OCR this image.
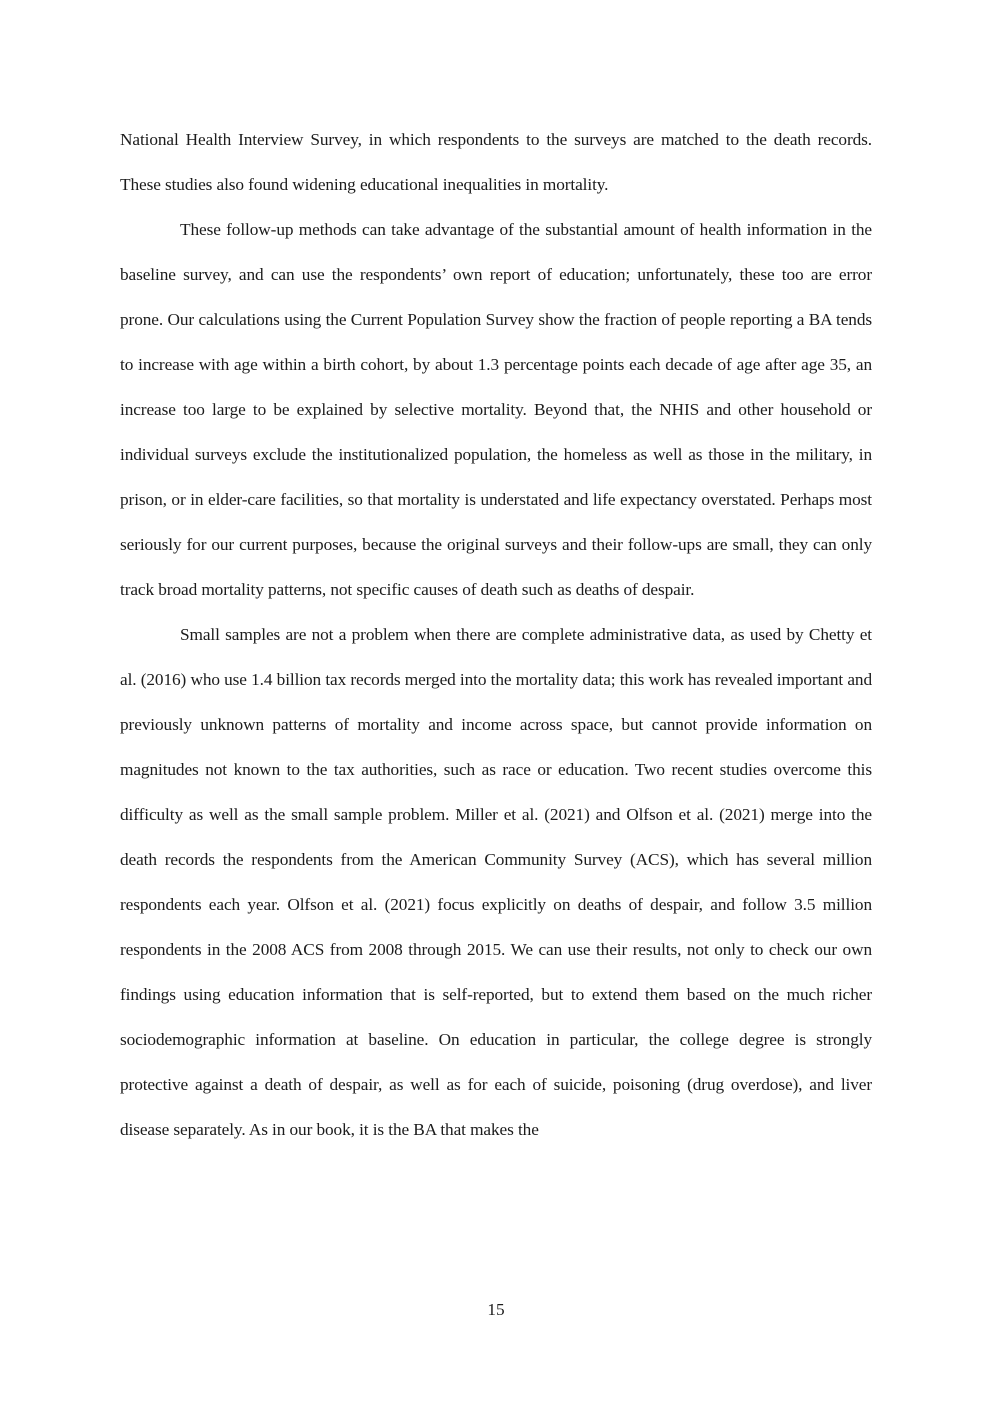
National Health Interview Survey, in which respondents to the surveys are matched to the death records. These studies also found widening educational inequalities in mortality.

These follow-up methods can take advantage of the substantial amount of health information in the baseline survey, and can use the respondents’ own report of education; unfortunately, these too are error prone. Our calculations using the Current Population Survey show the fraction of people reporting a BA tends to increase with age within a birth cohort, by about 1.3 percentage points each decade of age after age 35, an increase too large to be explained by selective mortality. Beyond that, the NHIS and other household or individual surveys exclude the institutionalized population, the homeless as well as those in the military, in prison, or in elder-care facilities, so that mortality is understated and life expectancy overstated. Perhaps most seriously for our current purposes, because the original surveys and their follow-ups are small, they can only track broad mortality patterns, not specific causes of death such as deaths of despair.

Small samples are not a problem when there are complete administrative data, as used by Chetty et al. (2016) who use 1.4 billion tax records merged into the mortality data; this work has revealed important and previously unknown patterns of mortality and income across space, but cannot provide information on magnitudes not known to the tax authorities, such as race or education. Two recent studies overcome this difficulty as well as the small sample problem. Miller et al. (2021) and Olfson et al. (2021) merge into the death records the respondents from the American Community Survey (ACS), which has several million respondents each year. Olfson et al. (2021) focus explicitly on deaths of despair, and follow 3.5 million respondents in the 2008 ACS from 2008 through 2015. We can use their results, not only to check our own findings using education information that is self-reported, but to extend them based on the much richer sociodemographic information at baseline. On education in particular, the college degree is strongly protective against a death of despair, as well as for each of suicide, poisoning (drug overdose), and liver disease separately. As in our book, it is the BA that makes the

15
